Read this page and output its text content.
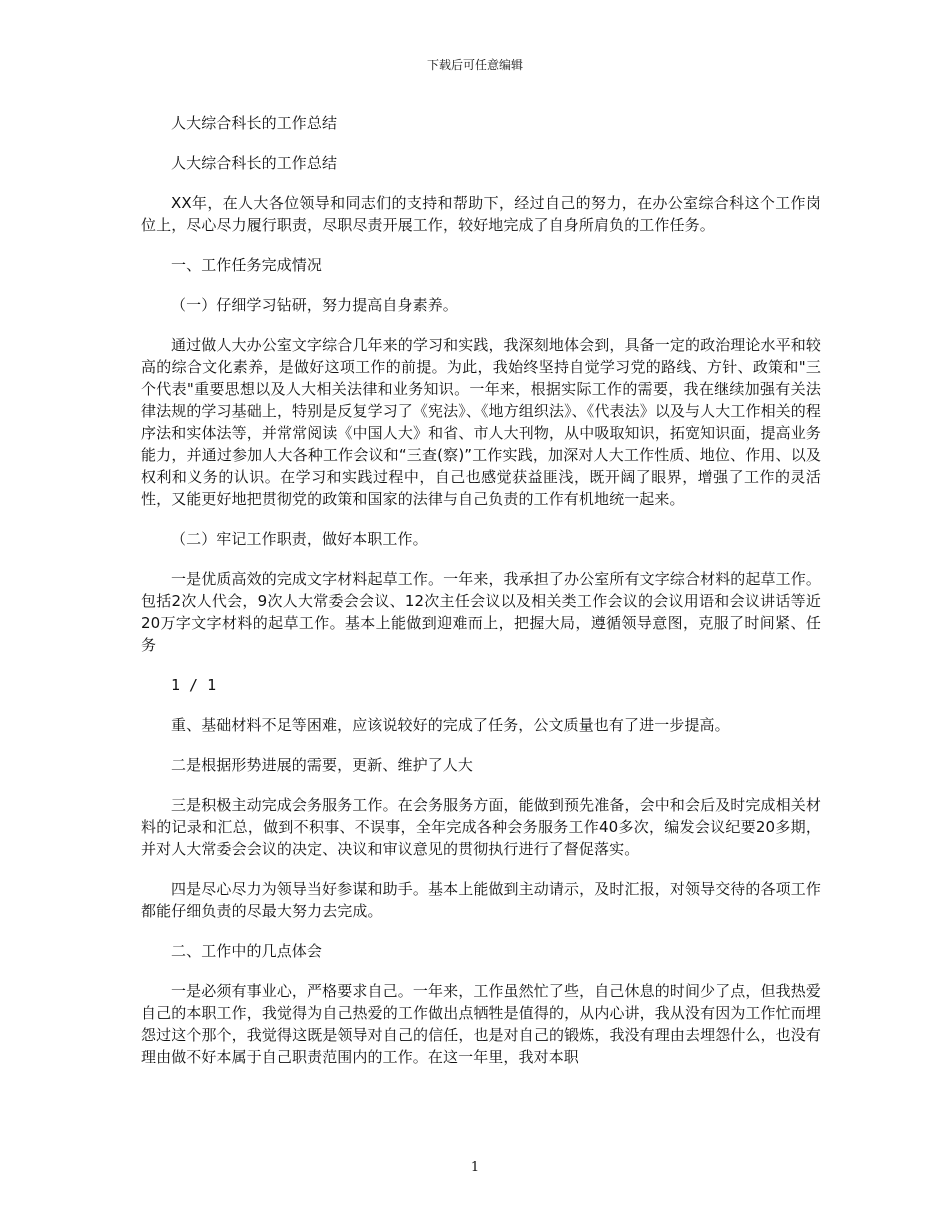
下载后可任意编辑

人大综合科长的工作总结

人大综合科长的工作总结

XX年，在人大各位领导和同志们的支持和帮助下，经过自己的努力，在办公室综合科这个工作岗位上，尽心尽力履行职责，尽职尽责开展工作，较好地完成了自身所肩负的工作任务。

一、工作任务完成情况

（一）仔细学习钻研，努力提高自身素养。

通过做人大办公室文字综合几年来的学习和实践，我深刻地体会到，具备一定的政治理论水平和较高的综合文化素养，是做好这项工作的前提。为此，我始终坚持自觉学习党的路线、方针、政策和"三个代表"重要思想以及人大相关法律和业务知识。一年来，根据实际工作的需要，我在继续加强有关法律法规的学习基础上，特别是反复学习了《宪法》、《地方组织法》、《代表法》以及与人大工作相关的程序法和实体法等，并常常阅读《中国人大》和省、市人大刊物，从中吸取知识，拓宽知识面，提高业务能力，并通过参加人大各种工作会议和“三查(察)”工作实践，加深对人大工作性质、地位、作用、以及权利和义务的认识。在学习和实践过程中，自己也感觉获益匪浅，既开阔了眼界，增强了工作的灵活性，又能更好地把贯彻党的政策和国家的法律与自己负责的工作有机地统一起来。

（二）牢记工作职责，做好本职工作。

一是优质高效的完成文字材料起草工作。一年来，我承担了办公室所有文字综合材料的起草工作。包括2次人代会，9次人大常委会会议、12次主任会议以及相关类工作会议的会议用语和会议讲话等近20万字文字材料的起草工作。基本上能做到迎难而上，把握大局，遵循领导意图，克服了时间紧、任务

1 / 1

重、基础材料不足等困难，应该说较好的完成了任务，公文质量也有了进一步提高。

二是根据形势进展的需要，更新、维护了人大

三是积极主动完成会务服务工作。在会务服务方面，能做到预先准备，会中和会后及时完成相关材料的记录和汇总，做到不积事、不误事，全年完成各种会务服务工作40多次，编发会议纪要20多期，并对人大常委会会议的决定、决议和审议意见的贯彻执行进行了督促落实。

四是尽心尽力为领导当好参谋和助手。基本上能做到主动请示，及时汇报，对领导交待的各项工作都能仔细负责的尽最大努力去完成。

二、工作中的几点体会

一是必须有事业心，严格要求自己。一年来，工作虽然忙了些，自己休息的时间少了点，但我热爱自己的本职工作，我觉得为自己热爱的工作做出点牺牲是值得的，从内心讲，我从没有因为工作忙而埋怨过这个那个，我觉得这既是领导对自己的信任，也是对自己的锻炼，我没有理由去埋怨什么，也没有理由做不好本属于自己职责范围内的工作。在这一年里，我对本职

1
